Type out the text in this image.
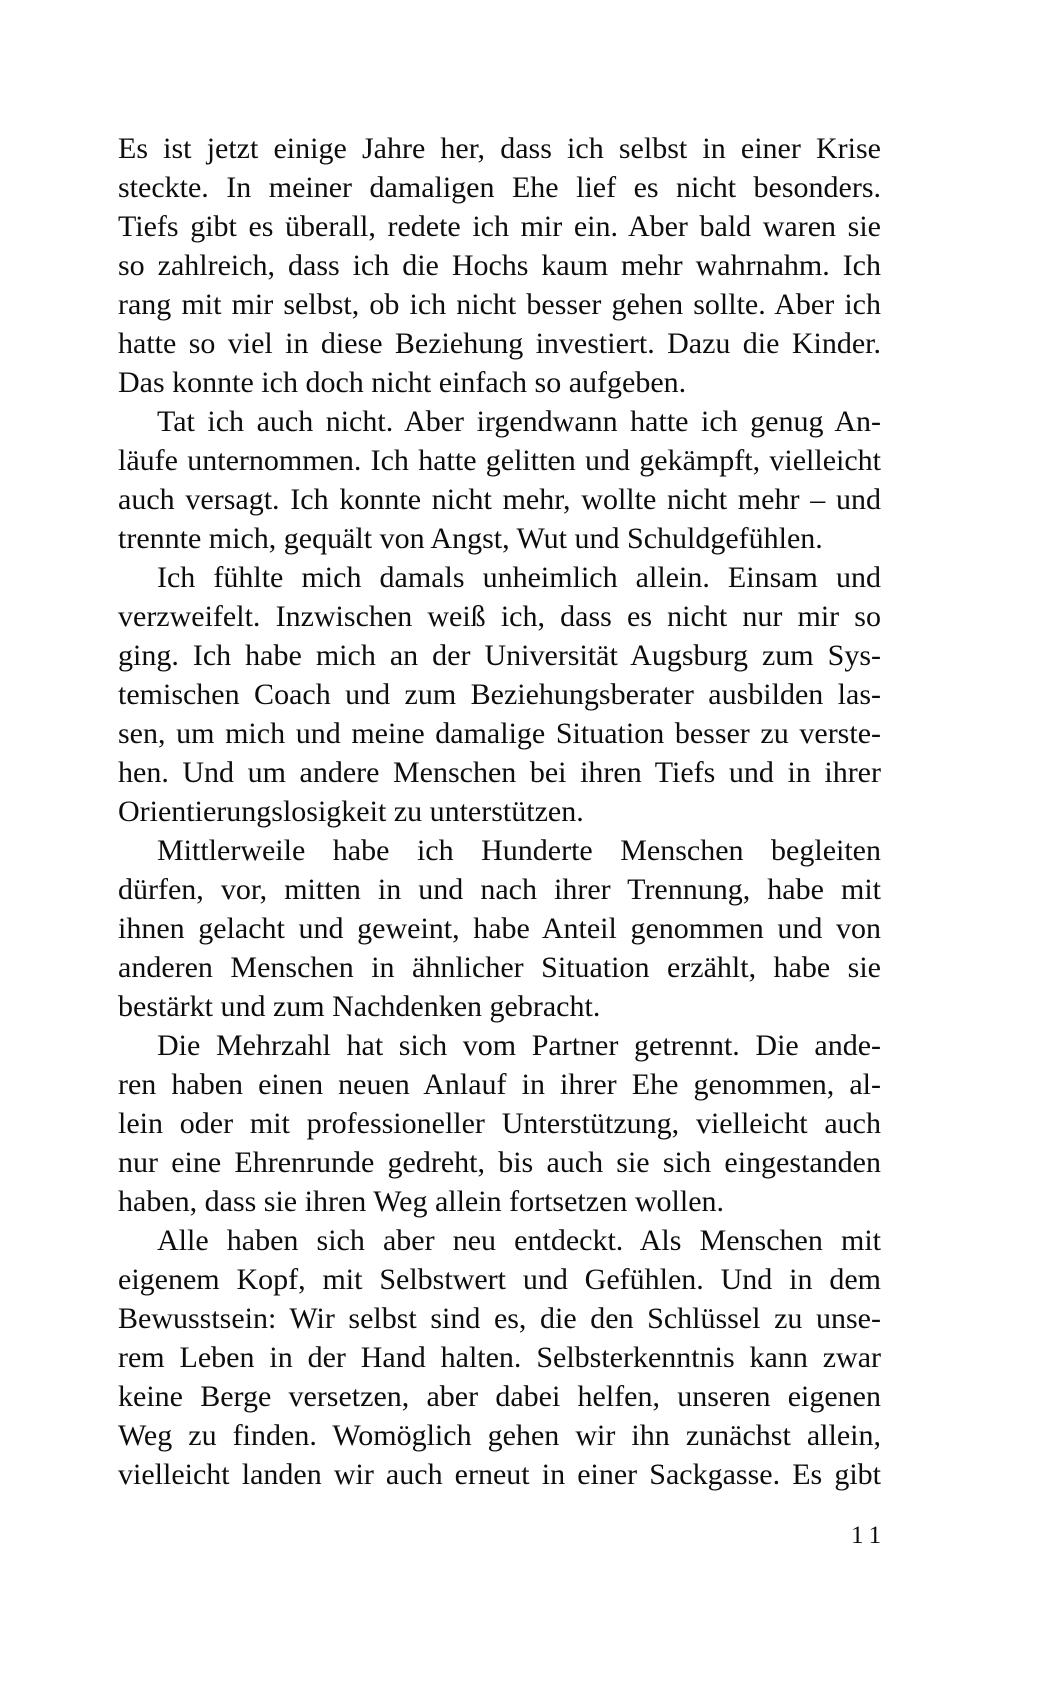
Es ist jetzt einige Jahre her, dass ich selbst in einer Krise
steckte. In meiner damaligen Ehe lief es nicht besonders.
Tiefs gibt es überall, redete ich mir ein. Aber bald waren sie
so zahlreich, dass ich die Hochs kaum mehr wahrnahm. Ich
rang mit mir selbst, ob ich nicht besser gehen sollte. Aber ich
hatte so viel in diese Beziehung investiert. Dazu die Kinder.
Das konnte ich doch nicht einfach so aufgeben.
Tat ich auch nicht. Aber irgendwann hatte ich genug An-
läufe unternommen. Ich hatte gelitten und gekämpft, vielleicht
auch versagt. Ich konnte nicht mehr, wollte nicht mehr – und
trennte mich, gequält von Angst, Wut und Schuldgefühlen.
Ich fühlte mich damals unheimlich allein. Einsam und
verzweifelt. Inzwischen weiß ich, dass es nicht nur mir so
ging. Ich habe mich an der Universität Augsburg zum Sys-
temischen Coach und zum Beziehungsberater ausbilden las-
sen, um mich und meine damalige Situation besser zu verste-
hen. Und um andere Menschen bei ihren Tiefs und in ihrer
Orientierungslosigkeit zu unterstützen.
Mittlerweile habe ich Hunderte Menschen begleiten
dürfen, vor, mitten in und nach ihrer Trennung, habe mit
ihnen gelacht und geweint, habe Anteil genommen und von
anderen Menschen in ähnlicher Situation erzählt, habe sie
bestärkt und zum Nachdenken gebracht.
Die Mehrzahl hat sich vom Partner getrennt. Die ande-
ren haben einen neuen Anlauf in ihrer Ehe genommen, al-
lein oder mit professioneller Unterstützung, vielleicht auch
nur eine Ehrenrunde gedreht, bis auch sie sich eingestanden
haben, dass sie ihren Weg allein fortsetzen wollen.
Alle haben sich aber neu entdeckt. Als Menschen mit
eigenem Kopf, mit Selbstwert und Gefühlen. Und in dem
Bewusstsein: Wir selbst sind es, die den Schlüssel zu unse-
rem Leben in der Hand halten. Selbsterkenntnis kann zwar
keine Berge versetzen, aber dabei helfen, unseren eigenen
Weg zu finden. Womöglich gehen wir ihn zunächst allein,
vielleicht landen wir auch erneut in einer Sackgasse. Es gibt
11
